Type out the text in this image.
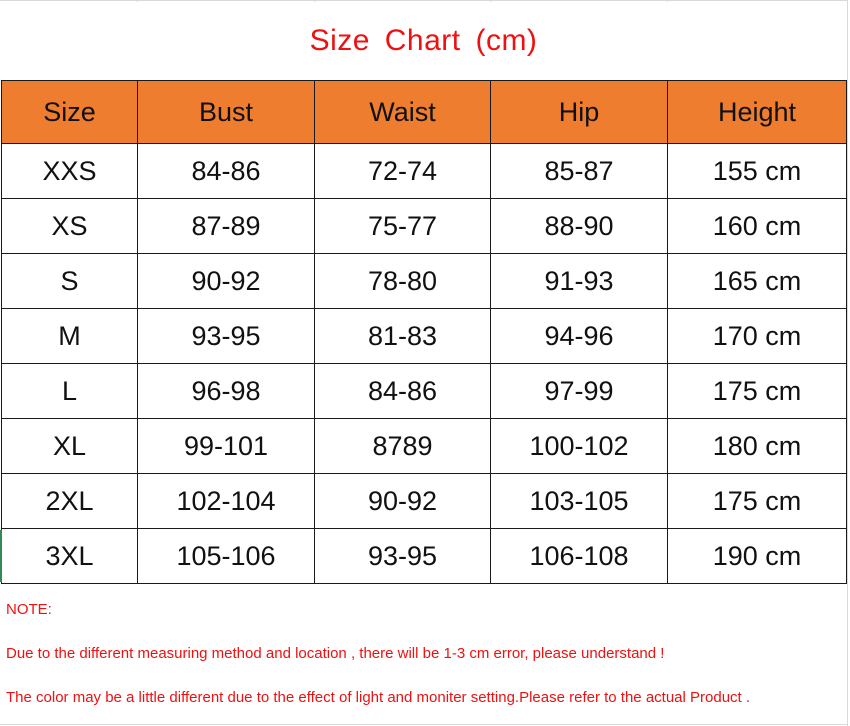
Size Chart (cm)
Size	Bust	Waist	Hip	Height
XXS	84-86	72-74	85-87	155 cm
XS	87-89	75-77	88-90	160 cm
S	90-92	78-80	91-93	165 cm
M	93-95	81-83	94-96	170 cm
L	96-98	84-86	97-99	175 cm
XL	99-101	8789	100-102	180 cm
2XL	102-104	90-92	103-105	175 cm
3XL	105-106	93-95	106-108	190 cm
NOTE:
Due to the different measuring method and location , there will be 1-3 cm error, please understand !
The color may be a little different due to the effect of light and moniter setting.Please refer to the actual Product .
